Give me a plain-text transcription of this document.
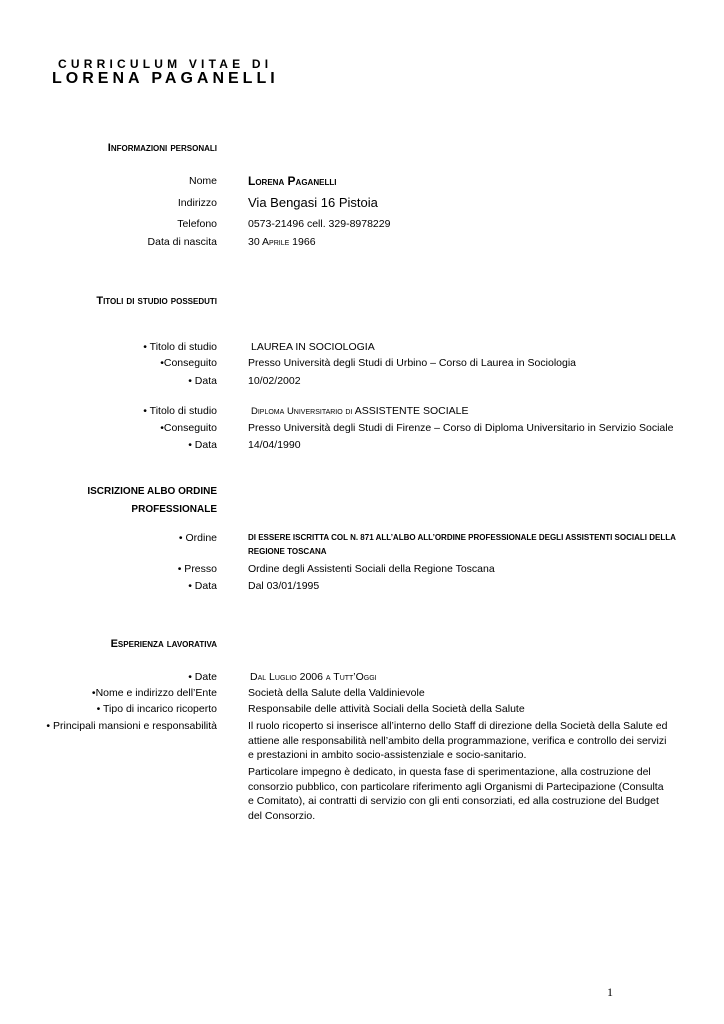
CURRICULUM VITAE DI
LORENA PAGANELLI
Informazioni personali
Nome	Lorena Paganelli
Indirizzo Via Bengasi 16 Pistoia
Telefono	0573-21496 cell. 329-8978229
Data di nascita	30 Aprile 1966
Titoli di studio posseduti
• Titolo di studio	LAUREA IN SOCIOLOGIA
•Conseguito	Presso Università degli Studi di Urbino – Corso di Laurea in Sociologia
• Data	10/02/2002
• Titolo di studio	Diploma Universitario di ASSISTENTE SOCIALE
•Conseguito	Presso Università degli Studi di Firenze – Corso di Diploma Universitario in Servizio Sociale
• Data	14/04/1990
ISCRIZIONE ALBO ORDINE
PROFESSIONALE
• Ordine	DI ESSERE ISCRITTA COL N. 871 ALL’ALBO ALL’ORDINE PROFESSIONALE DEGLI ASSISTENTI SOCIALI DELLA REGIONE TOSCANA
• Presso	Ordine degli Assistenti Sociali della Regione Toscana
• Data	Dal 03/01/1995
Esperienza lavorativa
• Date	Dal Luglio 2006 a Tutt’Oggi
•Nome e indirizzo dell’Ente	Società della Salute della Valdinievole
• Tipo di incarico ricoperto	Responsabile delle attività Sociali della Società della Salute
• Principali mansioni e responsabilità	Il ruolo ricoperto si inserisce all’interno dello Staff di direzione della Società della Salute ed attiene alle responsabilità nell’ambito della programmazione, verifica e controllo dei servizi e prestazioni in ambito socio-assistenziale e socio-sanitario.
Particolare impegno è dedicato, in questa fase di sperimentazione, alla costruzione del consorzio pubblico, con particolare riferimento agli Organismi di Partecipazione (Consulta e Comitato), ai contratti di servizio con gli enti consorziati, ed alla costruzione del Budget del Consorzio.
1
